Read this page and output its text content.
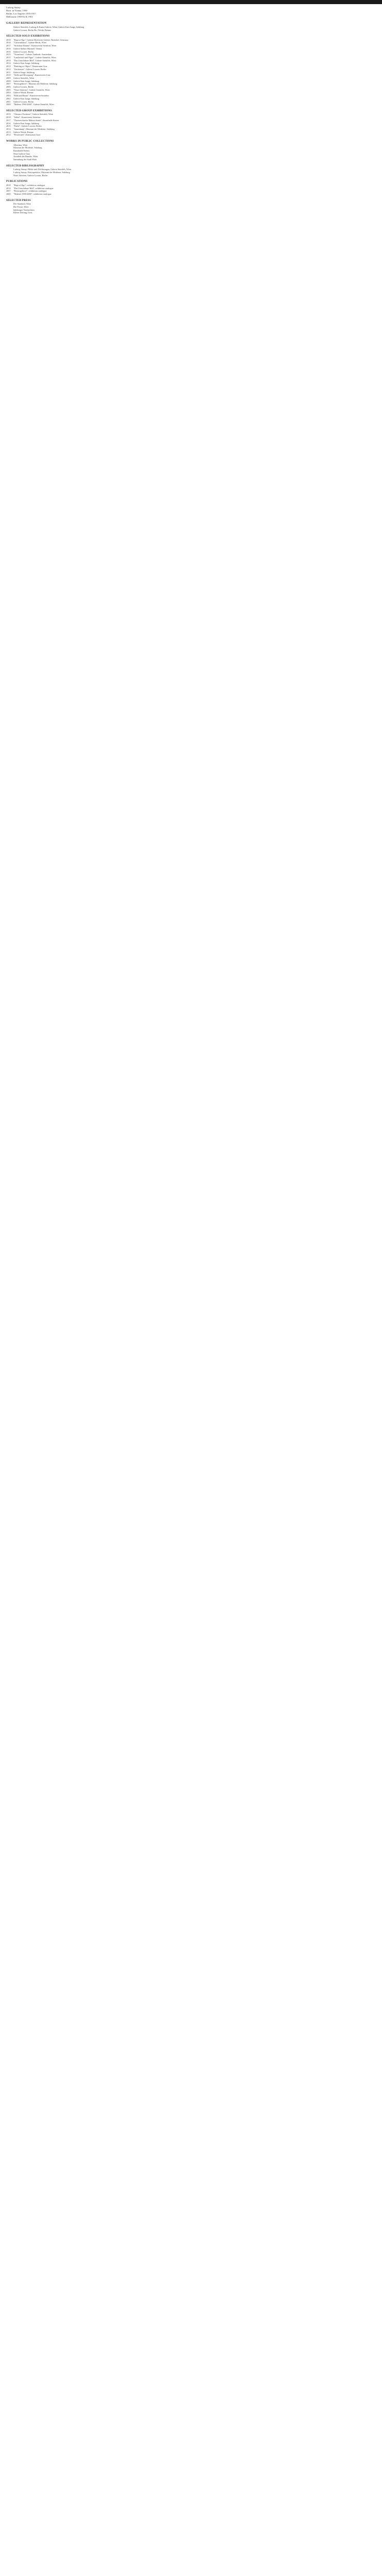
Ludwig Stasny
Born: in Vienna, 1930
Berlin, Los Angeles 1955-1957
Melbourne 1958-62 & 1963
GALLERY REPRESENTATION
Galerie Steinfels, Ludwig & Kunst Galerie, Wien; Galerie Kurt Junge, Salzburg
Galerie Loosen, Berlin-Bo; Weida, Bienne
SELECTED SOLO EXHIBITIONS
2018	"Rapt of Ego", Galerie Hochwies Galerie, Berndorf, Germany
2018	"Caravanlaum", Galerie Heide, Wien
2017	"Sichtbare Räume", Kunstverein Steinfurt, Wien
2016	Galerie Siebter Himmel, Vienna
2016	Galerie Loosen, Berlin
2015	"Transform", Galerie Vanlinde, Amsterdam
2015	"Landschaft und Figur", Galerie Steinfels, Wien
2014	"Das Unsichtbare Bild", Galerie Steinfels, Wien
2014	Galerie Kurt Junge, Salzburg
2013	"Painting as Object", Kunstraum Graz
2012	"Zeitfenster", Galerie Loosen, Berlin
2011	Galerie Junge, Salzburg
2010	"Stille und Bewegung", Kunstverein Linz
2009	Galerie Steinfels, Wien
2008	Galerie Kurt Junge, Salzburg
2007	"Retrospektive", Museum der Moderne, Salzburg
2006	Galerie Loosen, Berlin
2005	"Neue Arbeiten", Galerie Steinfels, Wien
2004	Galerie Weida, Bienne
2003	"Bild und Raum", Kunstverein Steinfurt
2002	Galerie Kurt Junge, Salzburg
2001	Galerie Loosen, Berlin
2000	"Malerei 1990-2000", Galerie Steinfels, Wien
SELECTED GROUP EXHIBITIONS
2019	"Abstract Positions", Galerie Steinfels, Wien
2018	"Salon", Kunstverein Steinfurt
2017	"Österreichische Malerei heute", Kunsthalle Krems
2016	Galerie Kurt Junge, Salzburg
2015	"Farbe", Galerie Loosen, Berlin
2014	"Sammlung", Museum der Moderne, Salzburg
2013	Galerie Weida, Bienne
2012	"Positionen", Kunstraum Graz
WORKS IN PUBLIC COLLECTIONS
Albertina, Wien
Museum der Moderne, Salzburg
Kunsthalle Krems
Neue Galerie Graz
Artothek des Bundes, Wien
Sammlung der Stadt Wien
SELECTED BIBLIOGRAPHY
Ludwig Stasny: Bilder und Zeichnungen, Galerie Steinfels, Wien
Ludwig Stasny: Retrospektive, Museum der Moderne, Salzburg
Neue Arbeiten, Galerie Loosen, Berlin
PUBLICATIONS
2018	"Rapt of Ego", exhibition catalogue
2014	"Das Unsichtbare Bild", exhibition catalogue
2007	"Retrospektive", exhibition catalogue
2000	"Malerei 1990-2000", exhibition catalogue
SELECTED PRESS
Der Standard, Wien
Die Presse, Wien
Salzburger Nachrichten
Kleine Zeitung, Graz
